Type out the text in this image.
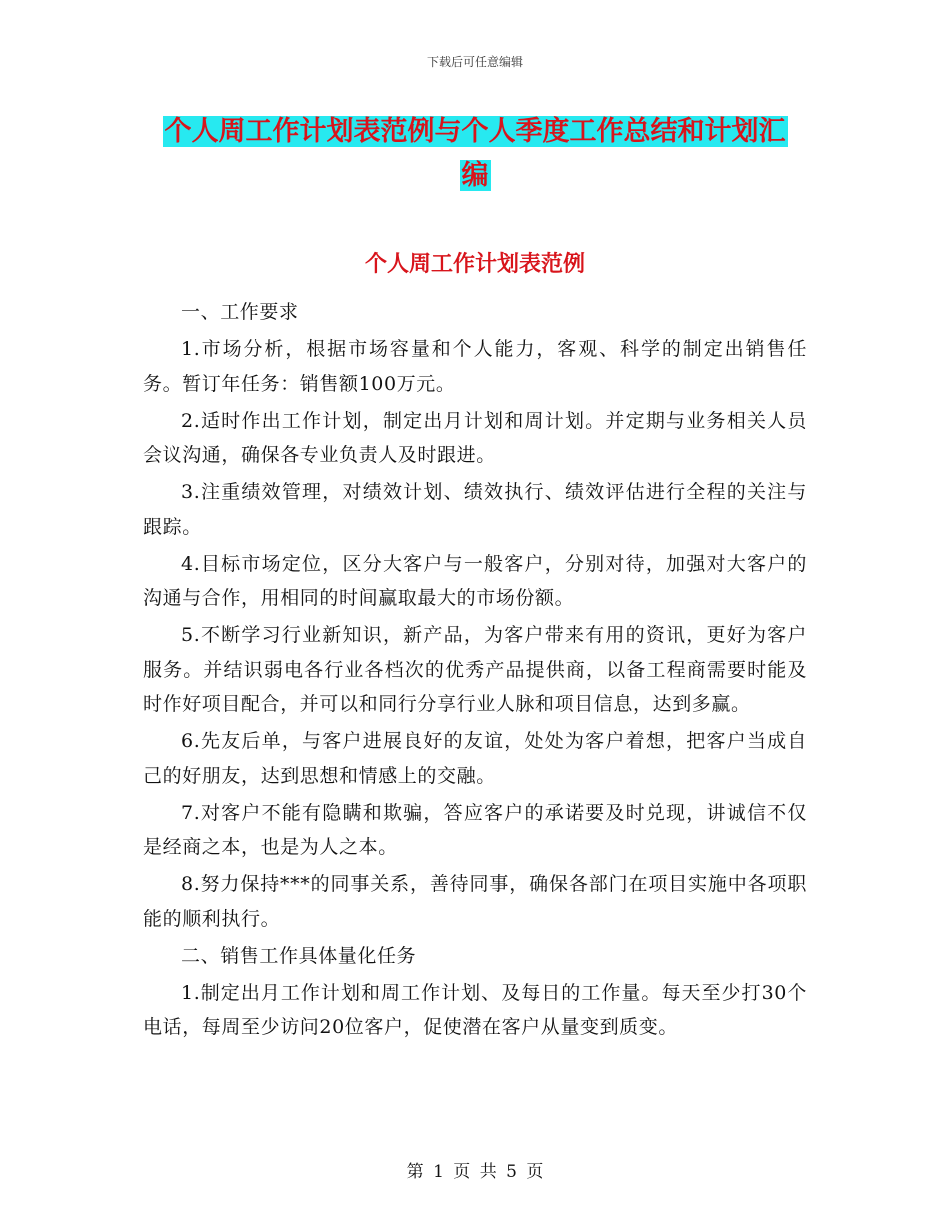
下载后可任意编辑
个人周工作计划表范例与个人季度工作总结和计划汇
编
个人周工作计划表范例

一、工作要求

1.市场分析，根据市场容量和个人能力，客观、科学的制定出销售任务。暂订年任务：销售额100万元。

2.适时作出工作计划，制定出月计划和周计划。并定期与业务相关人员会议沟通，确保各专业负责人及时跟进。

3.注重绩效管理，对绩效计划、绩效执行、绩效评估进行全程的关注与跟踪。

4.目标市场定位，区分大客户与一般客户，分别对待，加强对大客户的沟通与合作，用相同的时间赢取最大的市场份额。

5.不断学习行业新知识，新产品，为客户带来有用的资讯，更好为客户服务。并结识弱电各行业各档次的优秀产品提供商，以备工程商需要时能及时作好项目配合，并可以和同行分享行业人脉和项目信息，达到多赢。

6.先友后单，与客户进展良好的友谊，处处为客户着想，把客户当成自己的好朋友，达到思想和情感上的交融。

7.对客户不能有隐瞒和欺骗，答应客户的承诺要及时兑现，讲诚信不仅是经商之本，也是为人之本。

8.努力保持***的同事关系，善待同事，确保各部门在项目实施中各项职能的顺利执行。

二、销售工作具体量化任务

1.制定出月工作计划和周工作计划、及每日的工作量。每天至少打30个电话，每周至少访问20位客户，促使潜在客户从量变到质变。

第 1 页 共 5 页
